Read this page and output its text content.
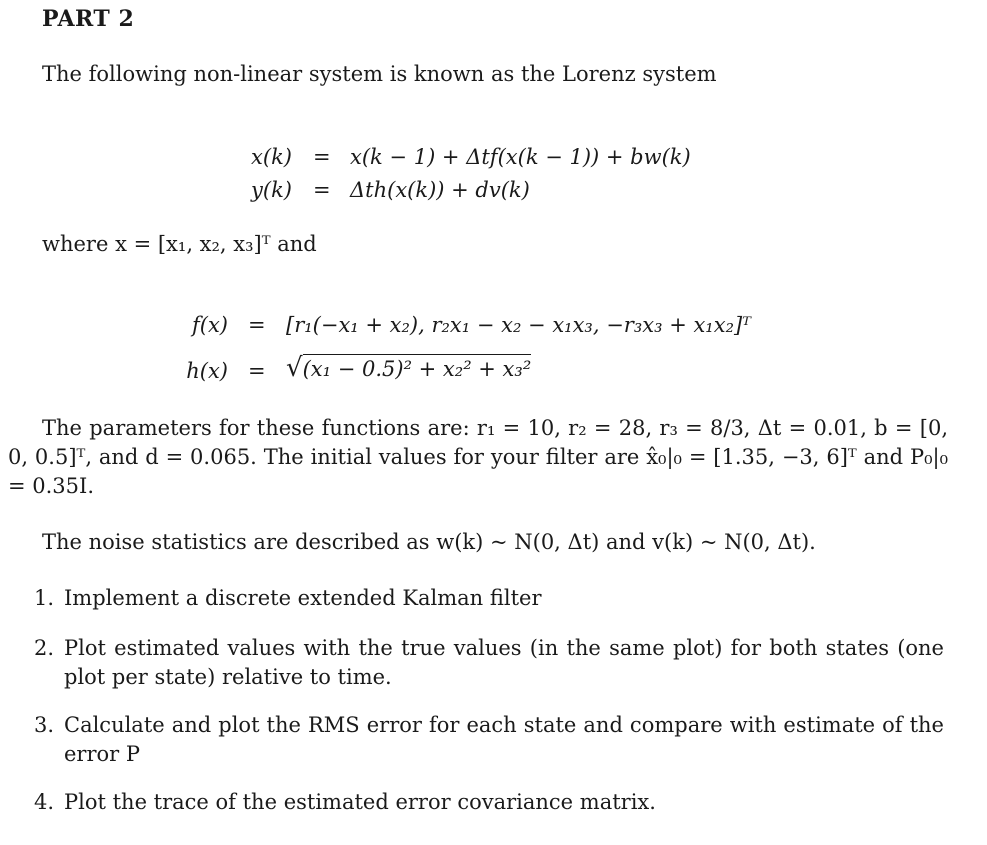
PART 2
The following non-linear system is known as the Lorenz system
x(k) = x(k − 1) + Δtf(x(k − 1)) + bw(k)
y(k) = Δth(x(k)) + dv(k)
where x = [x₁, x₂, x₃]ᵀ and
f(x) = [r₁(−x₁ + x₂), r₂x₁ − x₂ − x₁x₃, −r₃x₃ + x₁x₂]ᵀ
h(x) = √(x₁ − 0.5)² + x₂² + x₃²
The parameters for these functions are: r₁ = 10, r₂ = 28, r₃ = 8/3, Δt = 0.01, b = [0, 0, 0.5]ᵀ, and d = 0.065. The initial values for your filter are x̂₀|₀ = [1.35, −3, 6]ᵀ and P₀|₀ = 0.35I.
The noise statistics are described as w(k) ~ N(0, Δt) and v(k) ~ N(0, Δt).
1. Implement a discrete extended Kalman filter
2. Plot estimated values with the true values (in the same plot) for both states (one plot per state) relative to time.
3. Calculate and plot the RMS error for each state and compare with estimate of the error P
4. Plot the trace of the estimated error covariance matrix.
